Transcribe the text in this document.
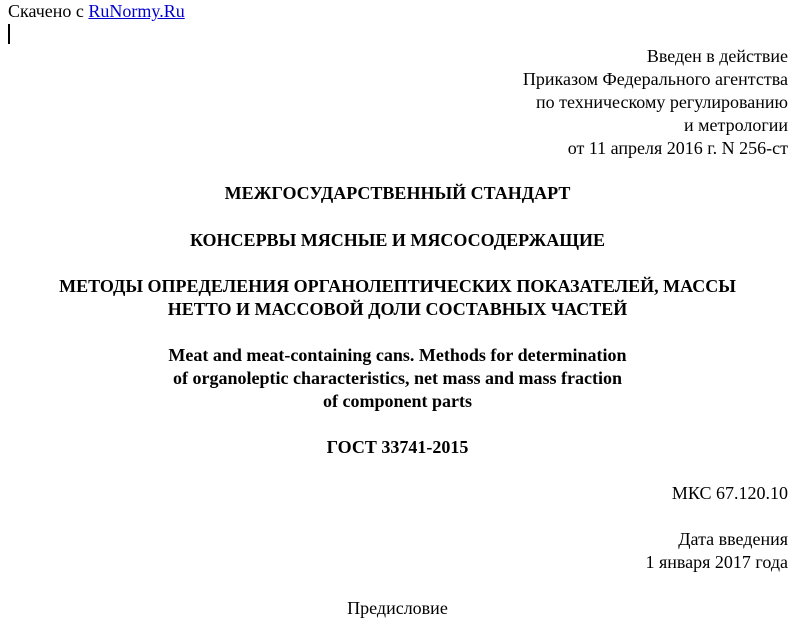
Скачено с RuNormy.Ru
Введен в действие
Приказом Федерального агентства
по техническому регулированию
и метрологии
от 11 апреля 2016 г. N 256-ст
МЕЖГОСУДАРСТВЕННЫЙ СТАНДАРТ
КОНСЕРВЫ МЯСНЫЕ И МЯСОСОДЕРЖАЩИЕ
МЕТОДЫ ОПРЕДЕЛЕНИЯ ОРГАНОЛЕПТИЧЕСКИХ ПОКАЗАТЕЛЕЙ, МАССЫ
НЕТТО И МАССОВОЙ ДОЛИ СОСТАВНЫХ ЧАСТЕЙ
Meat and meat-containing cans. Methods for determination
of organoleptic characteristics, net mass and mass fraction
of component parts
ГОСТ 33741-2015
МКС 67.120.10
Дата введения
1 января 2017 года
Предисловие
